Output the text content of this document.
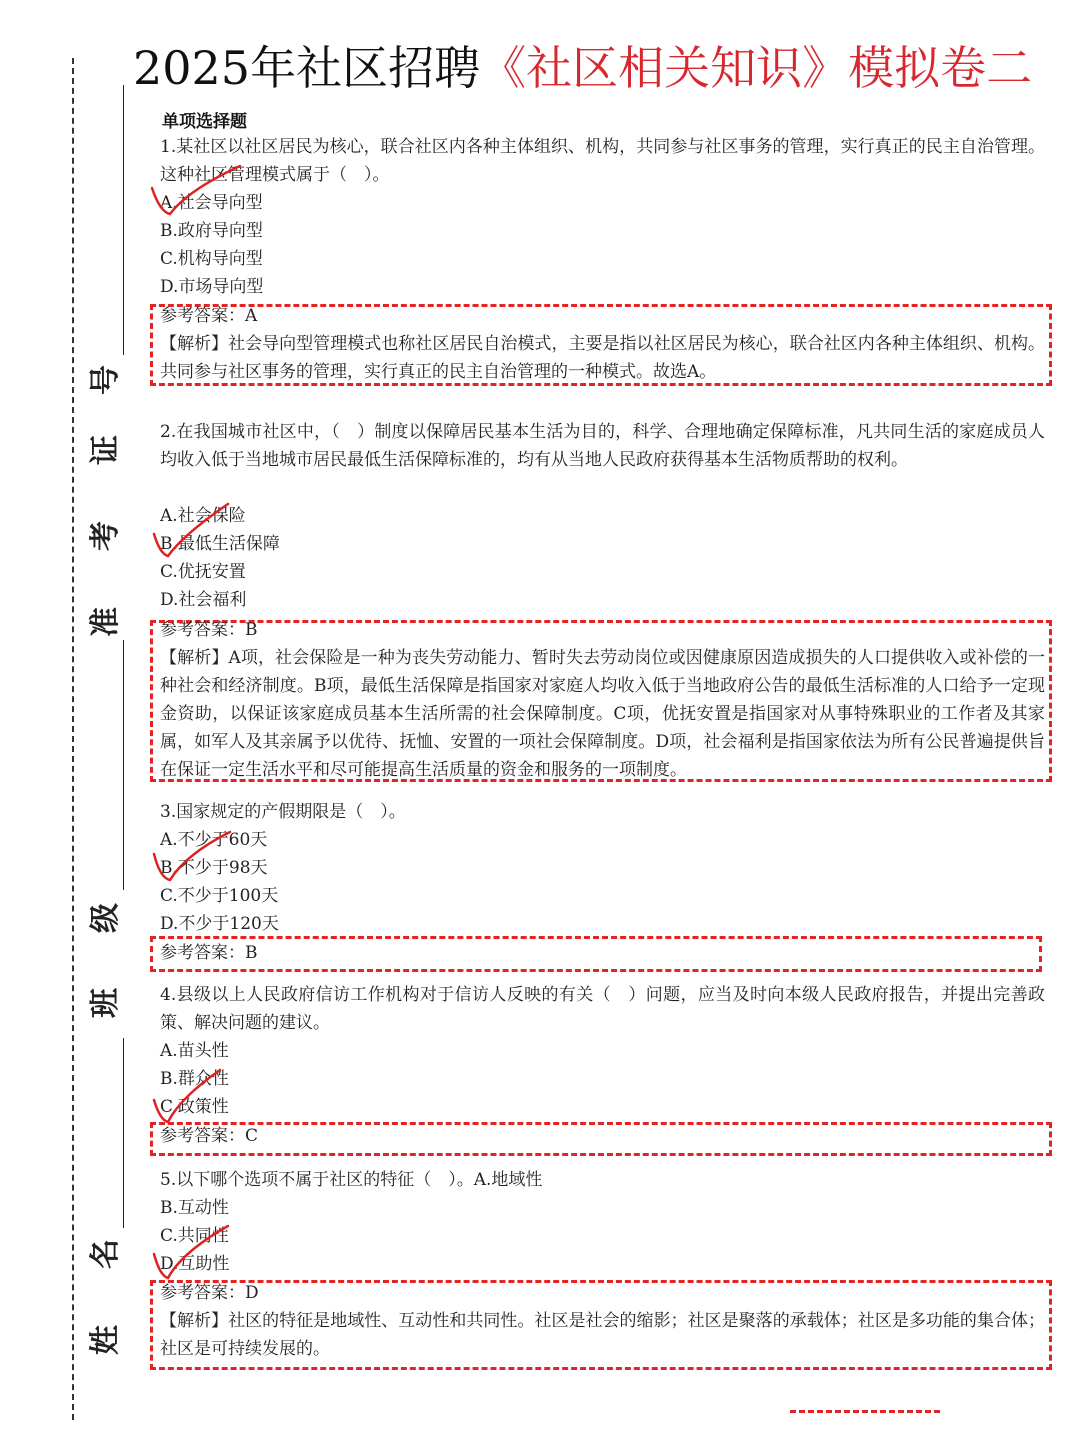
号
证
考
准
级
班
名
姓
2025年社区招聘《社区相关知识》模拟卷二
单项选择题
1.某社区以社区居民为核心，联合社区内各种主体组织、机构，共同参与社区事务的管理，实行真正的民主自治管理。这种社区管理模式属于（　）。
A.社会导向型
B.政府导向型
C.机构导向型
D.市场导向型
参考答案：A
【解析】社会导向型管理模式也称社区居民自治模式，主要是指以社区居民为核心，联合社区内各种主体组织、机构。共同参与社区事务的管理，实行真正的民主自治管理的一种模式。故选A。
2.在我国城市社区中，（　）制度以保障居民基本生活为目的，科学、合理地确定保障标准，凡共同生活的家庭成员人均收入低于当地城市居民最低生活保障标准的，均有从当地人民政府获得基本生活物质帮助的权利。
A.社会保险
B.最低生活保障
C.优抚安置
D.社会福利
参考答案：B
【解析】A项，社会保险是一种为丧失劳动能力、暂时失去劳动岗位或因健康原因造成损失的人口提供收入或补偿的一种社会和经济制度。B项，最低生活保障是指国家对家庭人均收入低于当地政府公告的最低生活标准的人口给予一定现金资助，以保证该家庭成员基本生活所需的社会保障制度。C项，优抚安置是指国家对从事特殊职业的工作者及其家属，如军人及其亲属予以优待、抚恤、安置的一项社会保障制度。D项，社会福利是指国家依法为所有公民普遍提供旨在保证一定生活水平和尽可能提高生活质量的资金和服务的一项制度。
3.国家规定的产假期限是（　）。
A.不少于60天
B.不少于98天
C.不少于100天
D.不少于120天
参考答案：B
4.县级以上人民政府信访工作机构对于信访人反映的有关（　）问题，应当及时向本级人民政府报告，并提出完善政策、解决问题的建议。
A.苗头性
B.群众性
C.政策性
参考答案：C
5.以下哪个选项不属于社区的特征（　）。A.地域性
B.互动性
C.共同性
D.互助性
参考答案：D
【解析】社区的特征是地域性、互动性和共同性。社区是社会的缩影；社区是聚落的承载体；社区是多功能的集合体；社区是可持续发展的。
